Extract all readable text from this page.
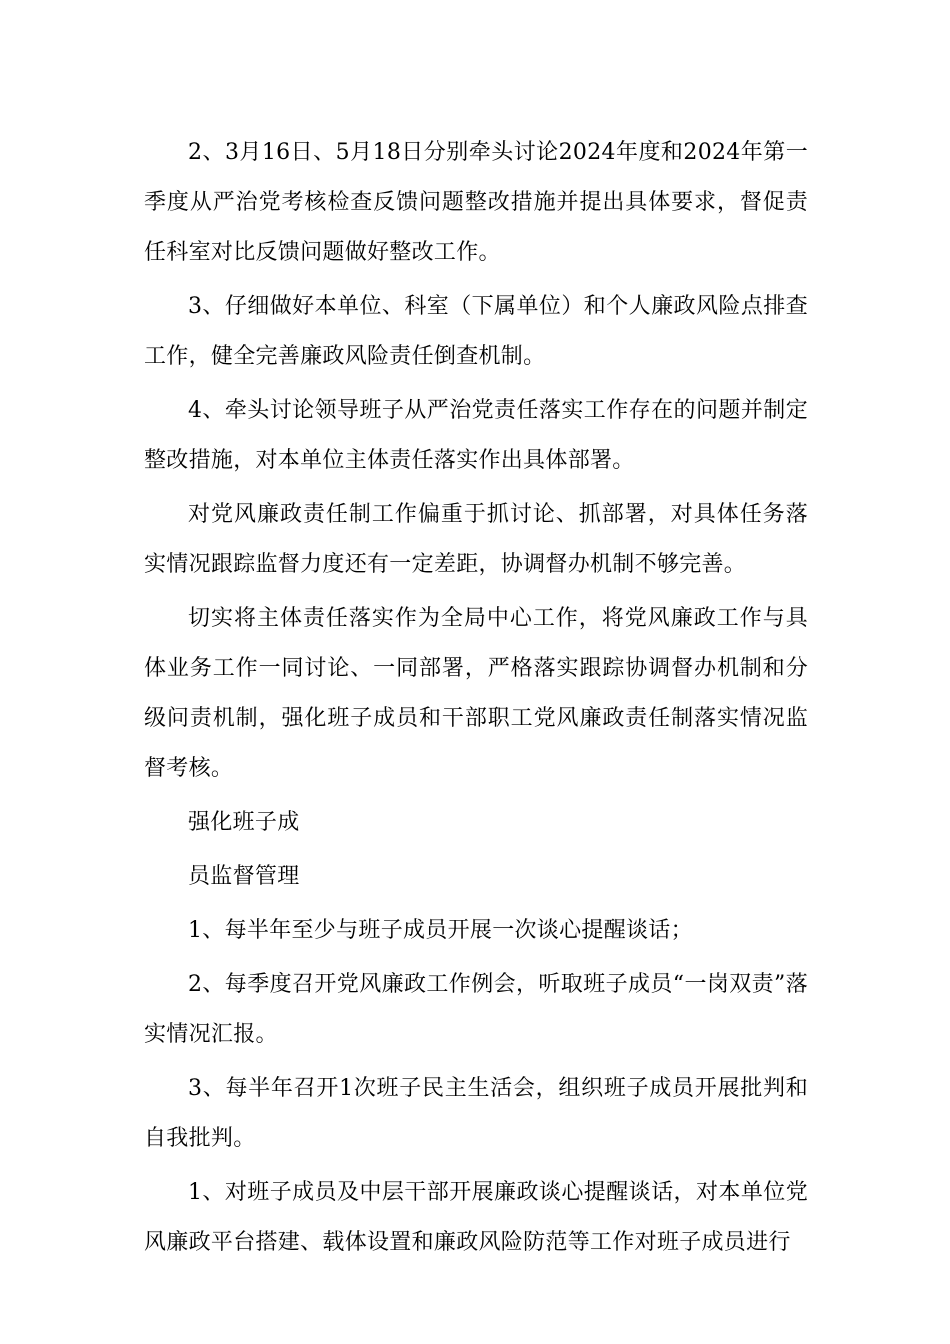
2、3月16日、5月18日分别牵头讨论2024年度和2024年第一季度从严治党考核检查反馈问题整改措施并提出具体要求，督促责任科室对比反馈问题做好整改工作。

3、仔细做好本单位、科室（下属单位）和个人廉政风险点排查工作，健全完善廉政风险责任倒查机制。

4、牵头讨论领导班子从严治党责任落实工作存在的问题并制定整改措施，对本单位主体责任落实作出具体部署。

对党风廉政责任制工作偏重于抓讨论、抓部署，对具体任务落实情况跟踪监督力度还有一定差距，协调督办机制不够完善。

切实将主体责任落实作为全局中心工作，将党风廉政工作与具体业务工作一同讨论、一同部署，严格落实跟踪协调督办机制和分级问责机制，强化班子成员和干部职工党风廉政责任制落实情况监督考核。

强化班子成

员监督管理

1、每半年至少与班子成员开展一次谈心提醒谈话；

2、每季度召开党风廉政工作例会，听取班子成员“一岗双责”落实情况汇报。

3、每半年召开1次班子民主生活会，组织班子成员开展批判和自我批判。

1、对班子成员及中层干部开展廉政谈心提醒谈话，对本单位党风廉政平台搭建、载体设置和廉政风险防范等工作对班子成员进行
